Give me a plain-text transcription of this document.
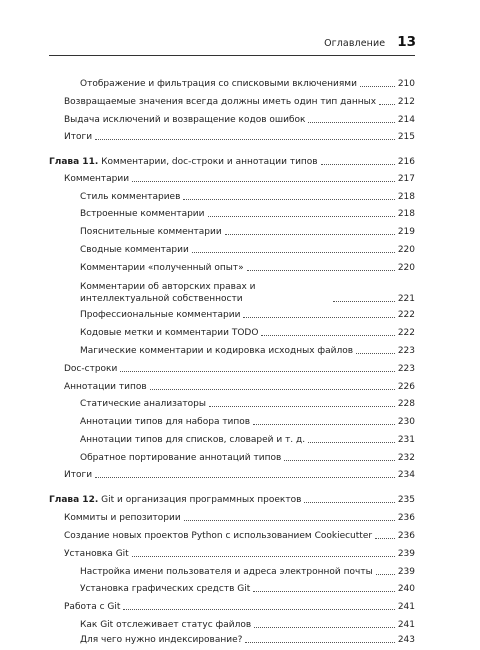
Оглавление 13
Отображение и фильтрация со списковыми включениями	210
Возвращаемые значения всегда должны иметь один тип данных 212
Выдача исключений и возвращение кодов ошибок	214
Итоги	215
Глава 11. Комментарии, doc-строки и аннотации типов	216
Комментарии	217
Стиль комментариев	218
Встроенные комментарии	218
Пояснительные комментарии	219
Сводные комментарии	220
Комментарии «полученный опыт»	220
Комментарии об авторских правах и интеллектуальной собственности	221
Профессиональные комментарии	222
Кодовые метки и комментарии TODO	222
Магические комментарии и кодировка исходных файлов	223
Doc-строки	223
Аннотации типов	226
Статические анализаторы	228
Аннотации типов для набора типов	230
Аннотации типов для списков, словарей и т. д.	231
Обратное портирование аннотаций типов	232
Итоги	234
Глава 12. Git и организация программных проектов	235
Коммиты и репозитории	236
Создание новых проектов Python с использованием Cookiecutter	236
Установка Git	239
Настройка имени пользователя и адреса электронной почты	239
Установка графических средств Git	240
Работа с Git	241
Как Git отслеживает статус файлов	241
Для чего нужно индексирование?	243
